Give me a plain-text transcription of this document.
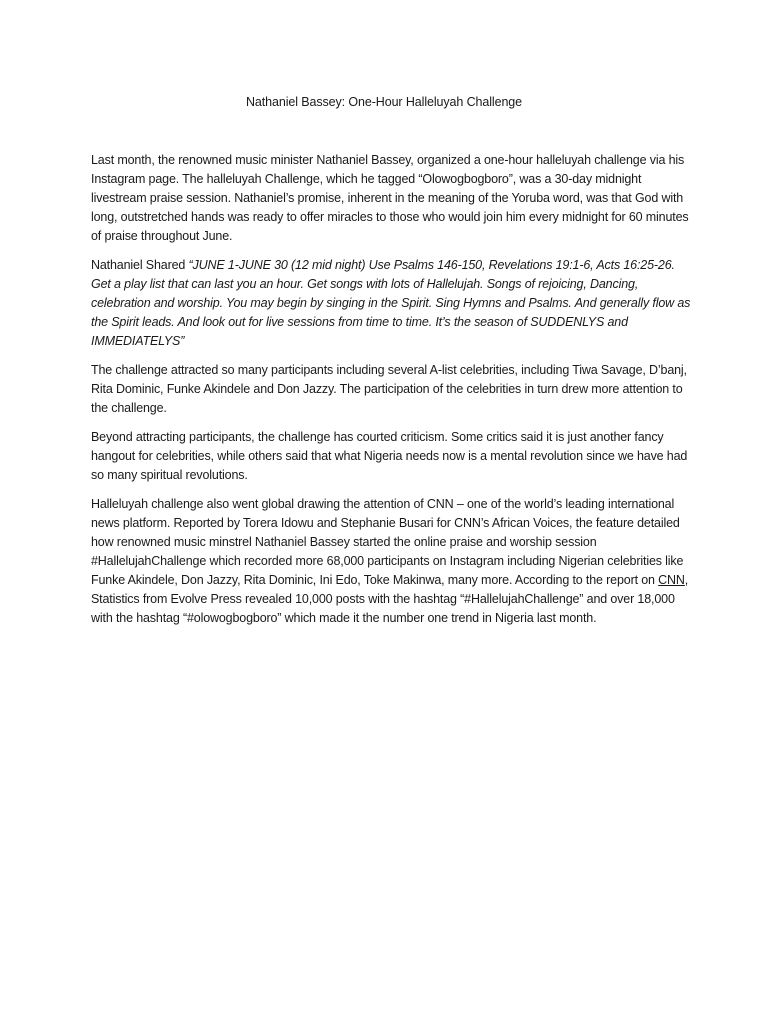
Nathaniel Bassey: One-Hour Halleluyah Challenge

Last month, the renowned music minister Nathaniel Bassey, organized a one-hour halleluyah challenge via his Instagram page. The halleluyah Challenge, which he tagged “Olowogbogboro”, was a 30-day midnight livestream praise session. Nathaniel’s promise, inherent in the meaning of the Yoruba word, was that God with long, outstretched hands was ready to offer miracles to those who would join him every midnight for 60 minutes of praise throughout June.

Nathaniel Shared “JUNE 1-JUNE 30 (12 mid night) Use Psalms 146-150, Revelations 19:1-6, Acts 16:25-26. Get a play list that can last you an hour. Get songs with lots of Hallelujah. Songs of rejoicing, Dancing, celebration and worship. You may begin by singing in the Spirit. Sing Hymns and Psalms. And generally flow as the Spirit leads. And look out for live sessions from time to time. It’s the season of SUDDENLYS and IMMEDIATELYS”

The challenge attracted so many participants including several A-list celebrities, including Tiwa Savage, D’banj, Rita Dominic, Funke Akindele and Don Jazzy. The participation of the celebrities in turn drew more attention to the challenge.

Beyond attracting participants, the challenge has courted criticism. Some critics said it is just another fancy hangout for celebrities, while others said that what Nigeria needs now is a mental revolution since we have had so many spiritual revolutions.

Halleluyah challenge also went global drawing the attention of CNN – one of the world’s leading international news platform. Reported by Torera Idowu and Stephanie Busari for CNN’s African Voices, the feature detailed how renowned music minstrel Nathaniel Bassey started the online praise and worship session #HallelujahChallenge which recorded more 68,000 participants on Instagram including Nigerian celebrities like Funke Akindele, Don Jazzy, Rita Dominic, Ini Edo, Toke Makinwa, many more. According to the report on CNN, Statistics from Evolve Press revealed 10,000 posts with the hashtag “#HallelujahChallenge” and over 18,000 with the hashtag “#olowogbogboro” which made it the number one trend in Nigeria last month.
